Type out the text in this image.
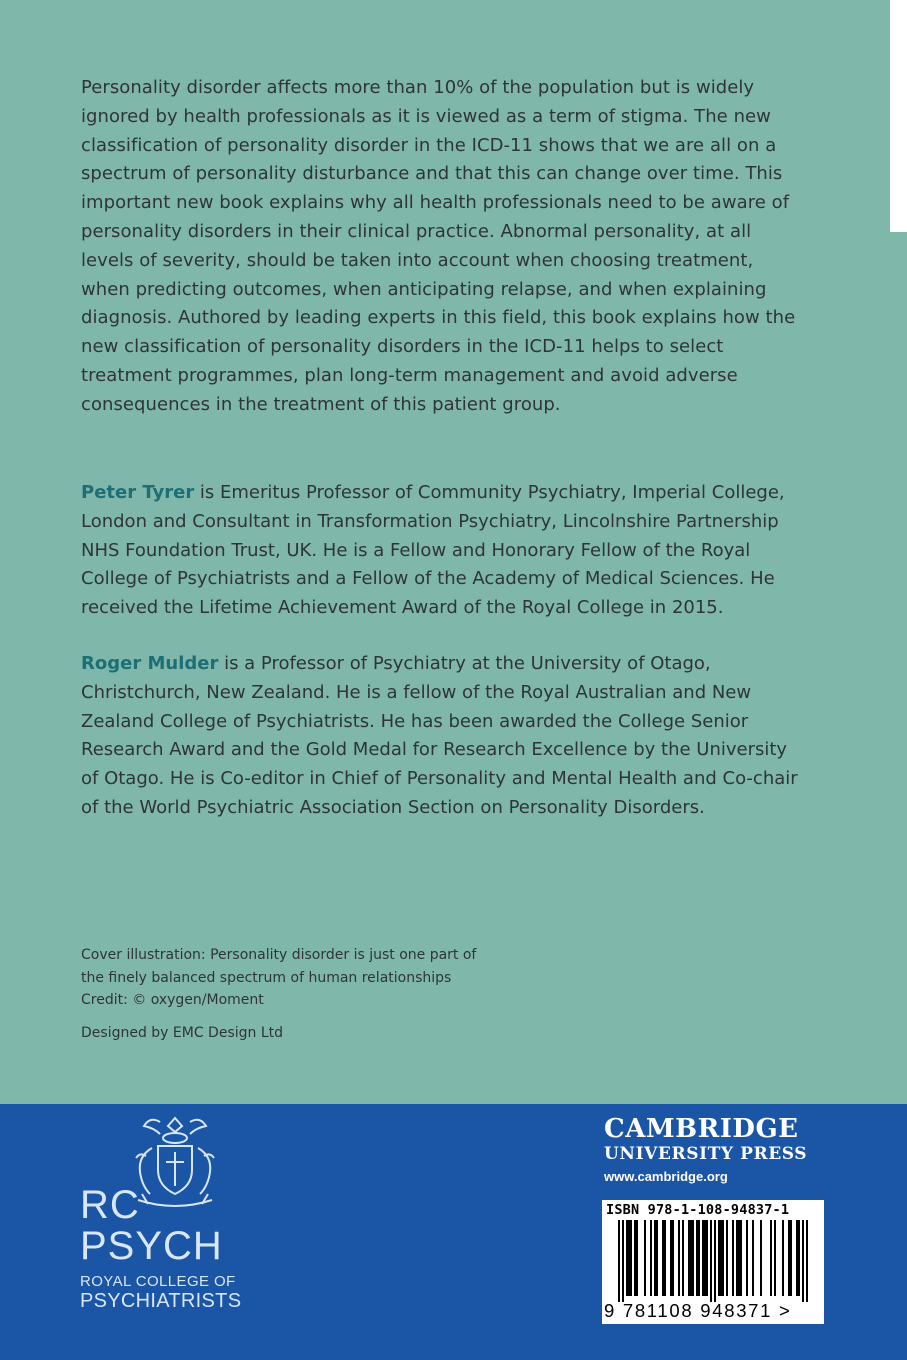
Personality disorder affects more than 10% of the population but is widely ignored by health professionals as it is viewed as a term of stigma. The new classification of personality disorder in the ICD-11 shows that we are all on a spectrum of personality disturbance and that this can change over time. This important new book explains why all health professionals need to be aware of personality disorders in their clinical practice. Abnormal personality, at all levels of severity, should be taken into account when choosing treatment, when predicting outcomes, when anticipating relapse, and when explaining diagnosis. Authored by leading experts in this field, this book explains how the new classification of personality disorders in the ICD-11 helps to select treatment programmes, plan long-term management and avoid adverse consequences in the treatment of this patient group.

Peter Tyrer is Emeritus Professor of Community Psychiatry, Imperial College, London and Consultant in Transformation Psychiatry, Lincolnshire Partnership NHS Foundation Trust, UK. He is a Fellow and Honorary Fellow of the Royal College of Psychiatrists and a Fellow of the Academy of Medical Sciences. He received the Lifetime Achievement Award of the Royal College in 2015.
Roger Mulder is a Professor of Psychiatry at the University of Otago, Christchurch, New Zealand. He is a fellow of the Royal Australian and New Zealand College of Psychiatrists. He has been awarded the College Senior Research Award and the Gold Medal for Research Excellence by the University of Otago. He is Co-editor in Chief of Personality and Mental Health and Co-chair of the World Psychiatric Association Section on Personality Disorders.

Cover illustration: Personality disorder is just one part of

the finely balanced spectrum of human relationships

Credit: © oxygen/Moment

Designed by EMC Design Ltd

RC
PSYCH
ROYAL COLLEGE OF
PSYCHIATRISTS
CAMBRIDGE
UNIVERSITY PRESS
www.cambridge.org
ISBN 978-1-108-94837-1
9 781108 948371 >
